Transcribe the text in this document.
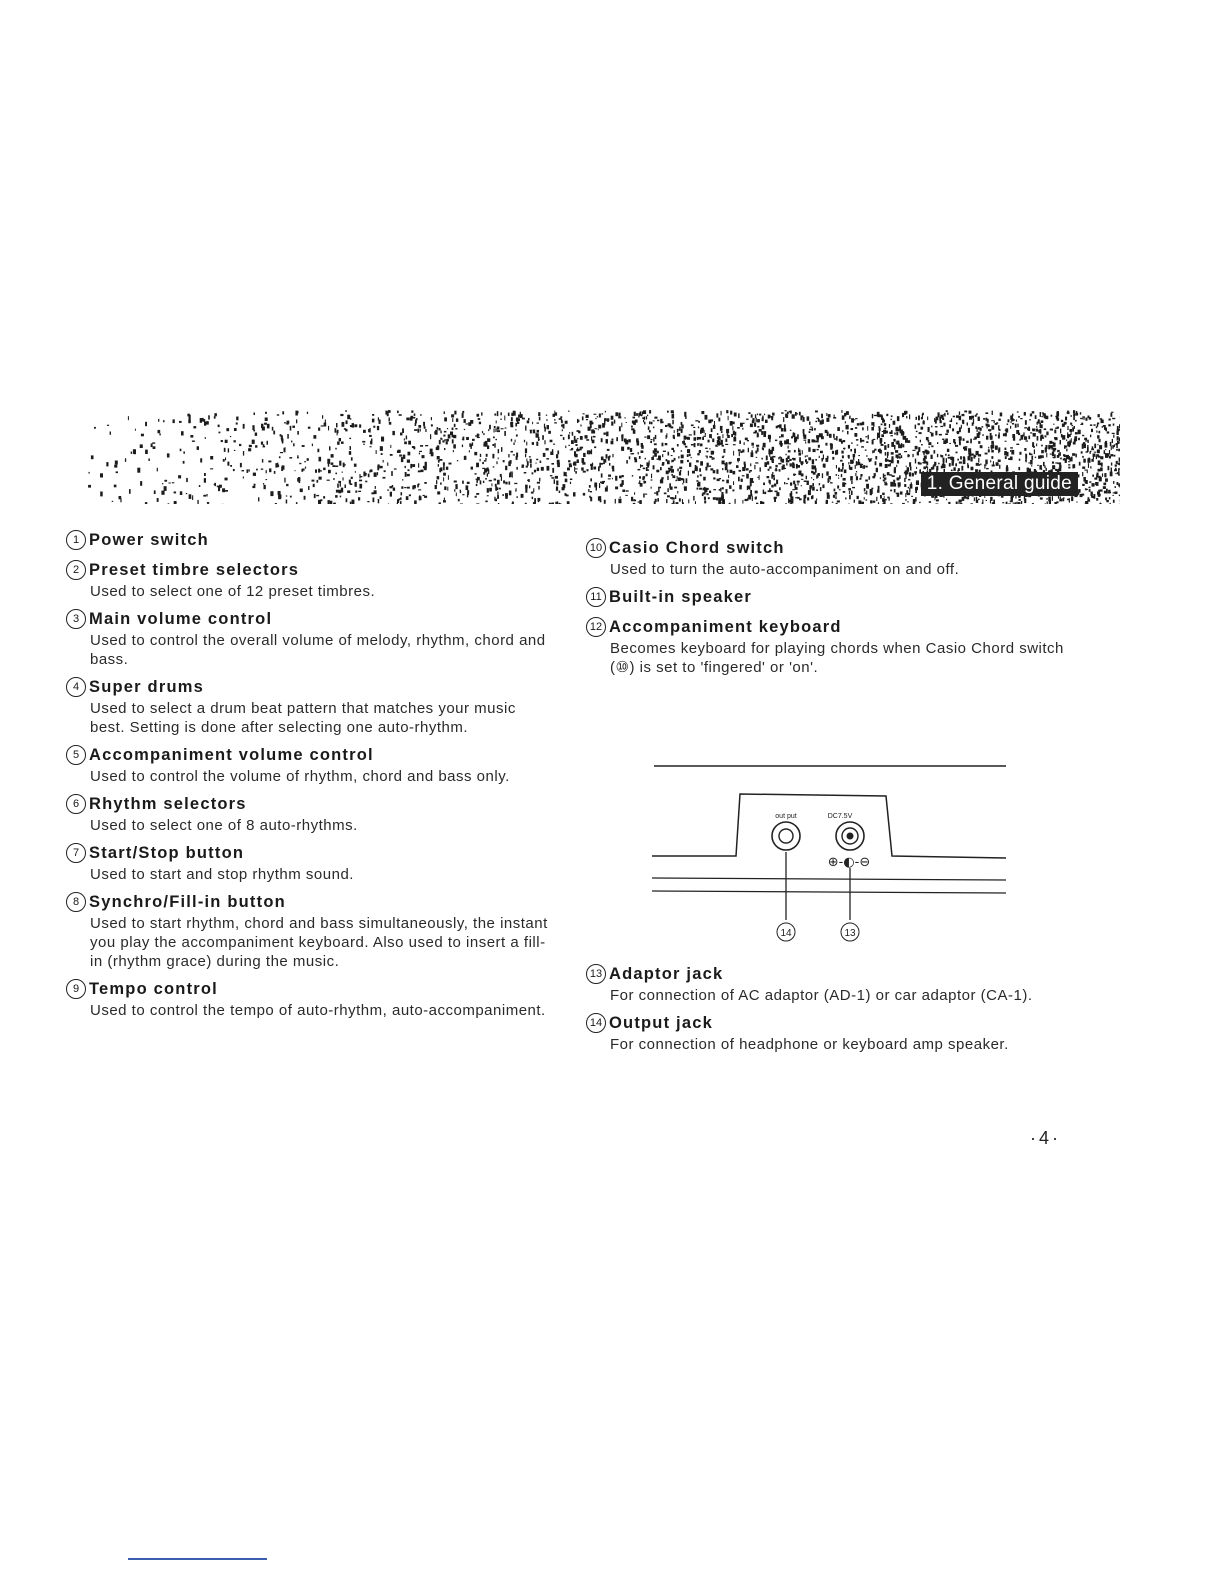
1. General guide
1 Power switch
2 Preset timbre selectors
Used to select one of 12 preset timbres.
3 Main volume control
Used to control the overall volume of melody, rhythm, chord and bass.
4 Super drums
Used to select a drum beat pattern that matches your music best. Setting is done after selecting one auto-rhythm.
5 Accompaniment volume control
Used to control the volume of rhythm, chord and bass only.
6 Rhythm selectors
Used to select one of 8 auto-rhythms.
7 Start/Stop button
Used to start and stop rhythm sound.
8 Synchro/Fill-in button
Used to start rhythm, chord and bass simultaneously, the instant you play the accompaniment keyboard. Also used to insert a fill-in (rhythm grace) during the music.
9 Tempo control
Used to control the tempo of auto-rhythm, auto-accompaniment.
10 Casio Chord switch
Used to turn the auto-accompaniment on and off.
11 Built-in speaker
12 Accompaniment keyboard
Becomes keyboard for playing chords when Casio Chord switch (⑩) is set to 'fingered' or 'on'.
out put	DC7.5V
⊕-◐-⊖
14	13
13 Adaptor jack
For connection of AC adaptor (AD-1) or car adaptor (CA-1).
14 Output jack
For connection of headphone or keyboard amp speaker.
·4·
